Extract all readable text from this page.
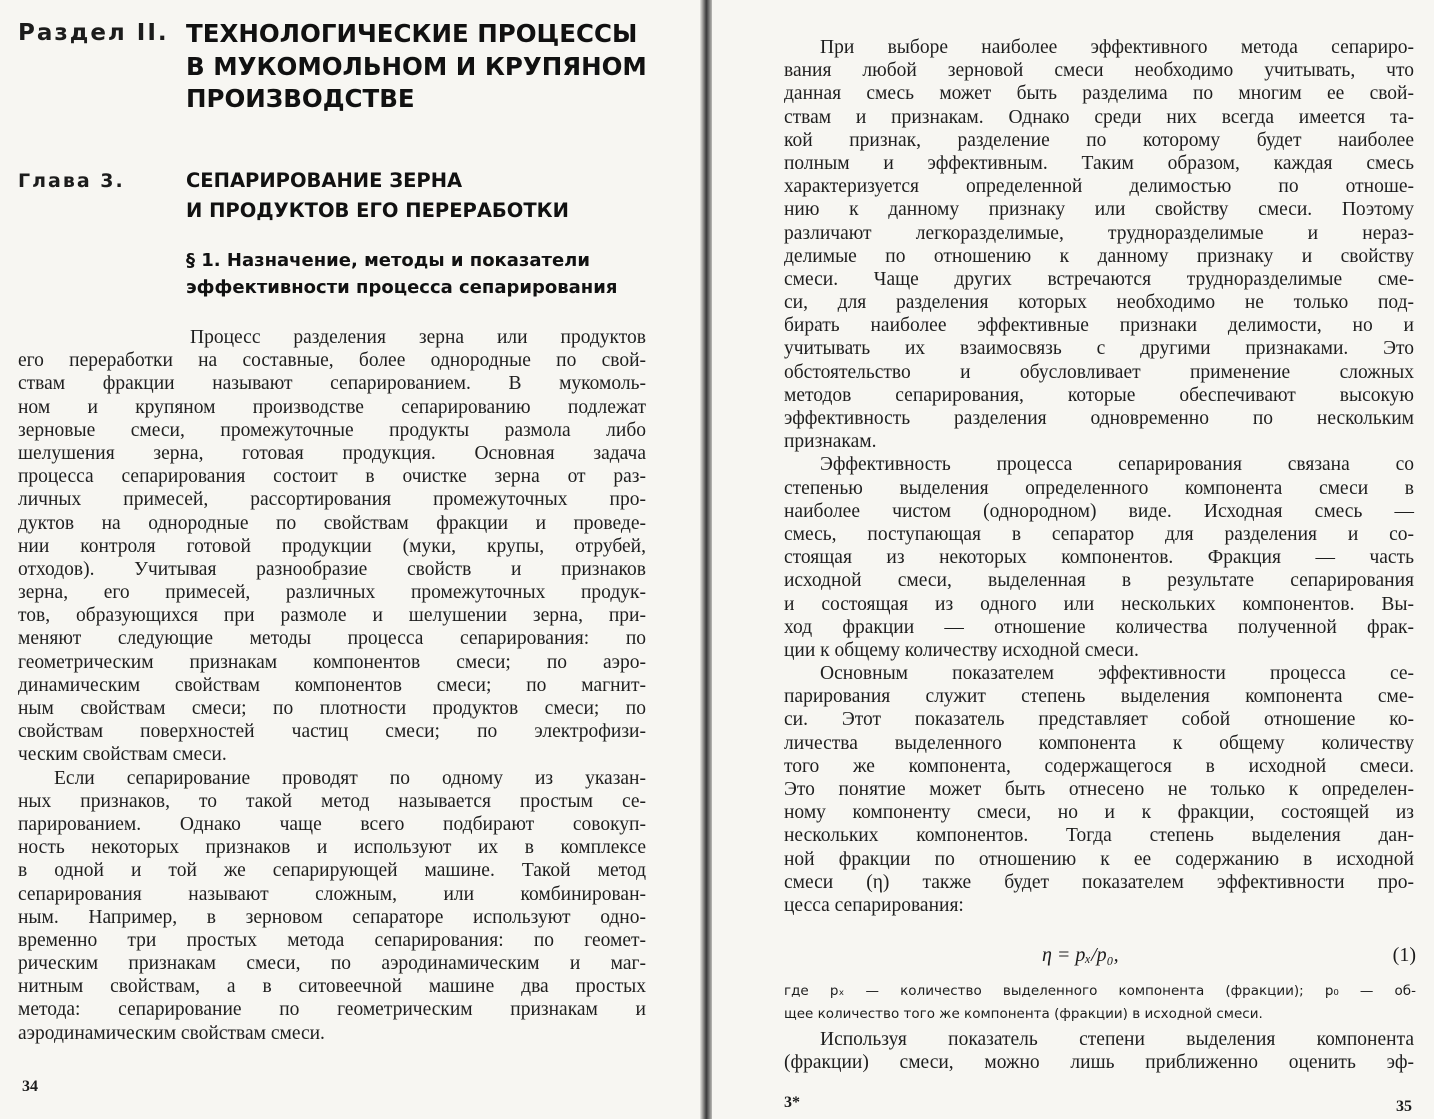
Раздел II. ТЕХНОЛОГИЧЕСКИЕ ПРОЦЕССЫ
В МУКОМОЛЬНОМ И КРУПЯНОМ
ПРОИЗВОДСТВЕ
Глава 3.	СЕПАРИРОВАНИЕ ЗЕРНА
И ПРОДУКТОВ ЕГО ПЕРЕРАБОТКИ
§ 1. Назначение, методы и показатели
эффективности процесса сепарирования
Процесс разделения зерна или продуктов
его переработки на составные, более однородные по свой-
ствам фракции называют сепарированием. В мукомоль-
ном и крупяном производстве сепарированию подлежат
зерновые смеси, промежуточные продукты размола либо
шелушения зерна, готовая продукция. Основная задача
процесса сепарирования состоит в очистке зерна от раз-
личных примесей, рассортирования промежуточных про-
дуктов на однородные по свойствам фракции и проведе-
нии контроля готовой продукции (муки, крупы, отрубей,
отходов). Учитывая разнообразие свойств и признаков
зерна, его примесей, различных промежуточных продук-
тов, образующихся при размоле и шелушении зерна, при-
меняют следующие методы процесса сепарирования: по
геометрическим признакам компонентов смеси; по аэро-
динамическим свойствам компонентов смеси; по магнит-
ным свойствам смеси; по плотности продуктов смеси; по
свойствам поверхностей частиц смеси; по электрофизи-
ческим свойствам смеси.
Если сепарирование проводят по одному из указан-
ных признаков, то такой метод называется простым се-
парированием. Однако чаще всего подбирают совокуп-
ность некоторых признаков и используют их в комплексе
в одной и той же сепарирующей машине. Такой метод
сепарирования называют сложным, или комбинирован-
ным. Например, в зерновом сепараторе используют одно-
временно три простых метода сепарирования: по геомет-
рическим признакам смеси, по аэродинамическим и маг-
нитным свойствам, а в ситовеечной машине два простых
метода: сепарирование по геометрическим признакам и
аэродинамическим свойствам смеси.
34
При выборе наиболее эффективного метода сепариро-
вания любой зерновой смеси необходимо учитывать, что
данная смесь может быть разделима по многим ее свой-
ствам и признакам. Однако среди них всегда имеется та-
кой признак, разделение по которому будет наиболее
полным и эффективным. Таким образом, каждая смесь
характеризуется определенной делимостью по отноше-
нию к данному признаку или свойству смеси. Поэтому
различают легкоразделимые, трудноразделимые и нераз-
делимые по отношению к данному признаку и свойству
смеси. Чаще других встречаются трудноразделимые сме-
си, для разделения которых необходимо не только под-
бирать наиболее эффективные признаки делимости, но и
учитывать их взаимосвязь с другими признаками. Это
обстоятельство и обусловливает применение сложных
методов сепарирования, которые обеспечивают высокую
эффективность разделения одновременно по нескольким
признакам.
Эффективность процесса сепарирования связана со
степенью выделения определенного компонента смеси в
наиболее чистом (однородном) виде. Исходная смесь —
смесь, поступающая в сепаратор для разделения и со-
стоящая из некоторых компонентов. Фракция — часть
исходной смеси, выделенная в результате сепарирования
и состоящая из одного или нескольких компонентов. Вы-
ход фракции — отношение количества полученной фрак-
ции к общему количеству исходной смеси.
Основным показателем эффективности процесса се-
парирования служит степень выделения компонента сме-
си. Этот показатель представляет собой отношение ко-
личества выделенного компонента к общему количеству
того же компонента, содержащегося в исходной смеси.
Это понятие может быть отнесено не только к определен-
ному компоненту смеси, но и к фракции, состоящей из
нескольких компонентов. Тогда степень выделения дан-
ной фракции по отношению к ее содержанию в исходной
смеси (η) также будет показателем эффективности про-
цесса сепарирования:
η = pₓ/p₀,	(1)
где pₓ — количество выделенного компонента (фракции); p₀ — об-
щее количество того же компонента (фракции) в исходной смеси.
Используя показатель степени выделения компонента
(фракции) смеси, можно лишь приближенно оценить эф-
3*	35
